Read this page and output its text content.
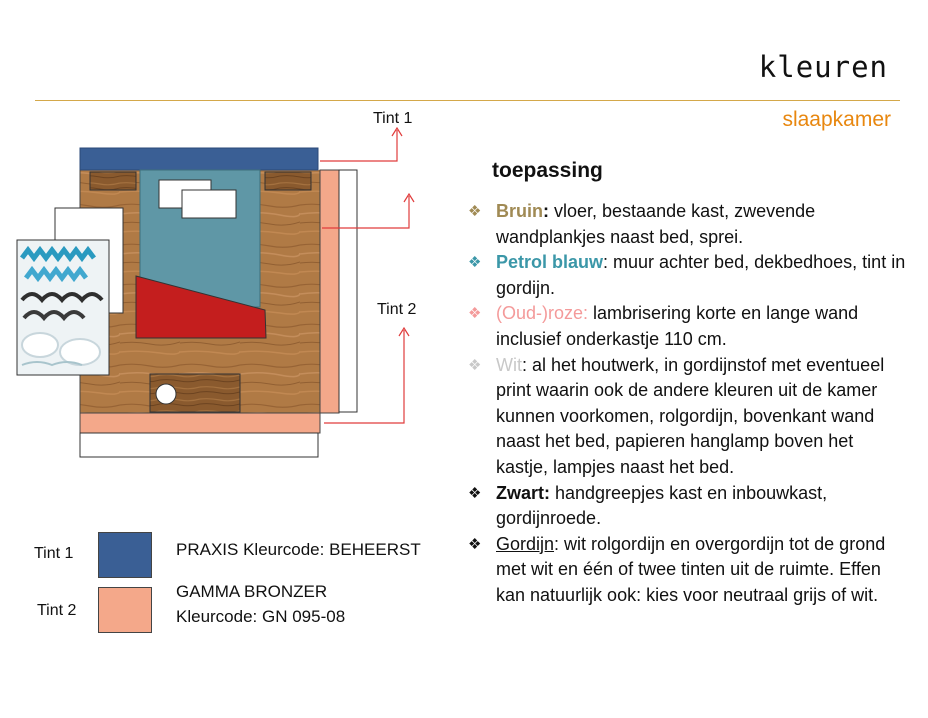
kleuren
slaapkamer
Tint 1
Tint 2
toepassing
❖ Bruin: vloer, bestaande kast, zwevende wandplankjes naast bed, sprei.
❖ Petrol blauw: muur achter bed, dekbedhoes, tint in gordijn.
❖ (Oud-)roze: lambrisering korte en lange wand inclusief onderkastje 110 cm.
❖ Wit: al het houtwerk, in gordijnstof met eventueel print waarin ook de andere kleuren uit de kamer kunnen voorkomen, rolgordijn, bovenkant wand naast het bed, papieren hanglamp boven het kastje, lampjes naast het bed.
❖ Zwart: handgreepjes kast en inbouwkast, gordijnroede.
❖ Gordijn: wit rolgordijn en overgordijn tot de grond met wit en één of twee tinten uit de ruimte. Effen kan natuurlijk ook: kies voor neutraal grijs of wit.
Tint 1	PRAXIS Kleurcode: BEHEERST
Tint 2
GAMMA BRONZER
Kleurcode: GN 095-08
